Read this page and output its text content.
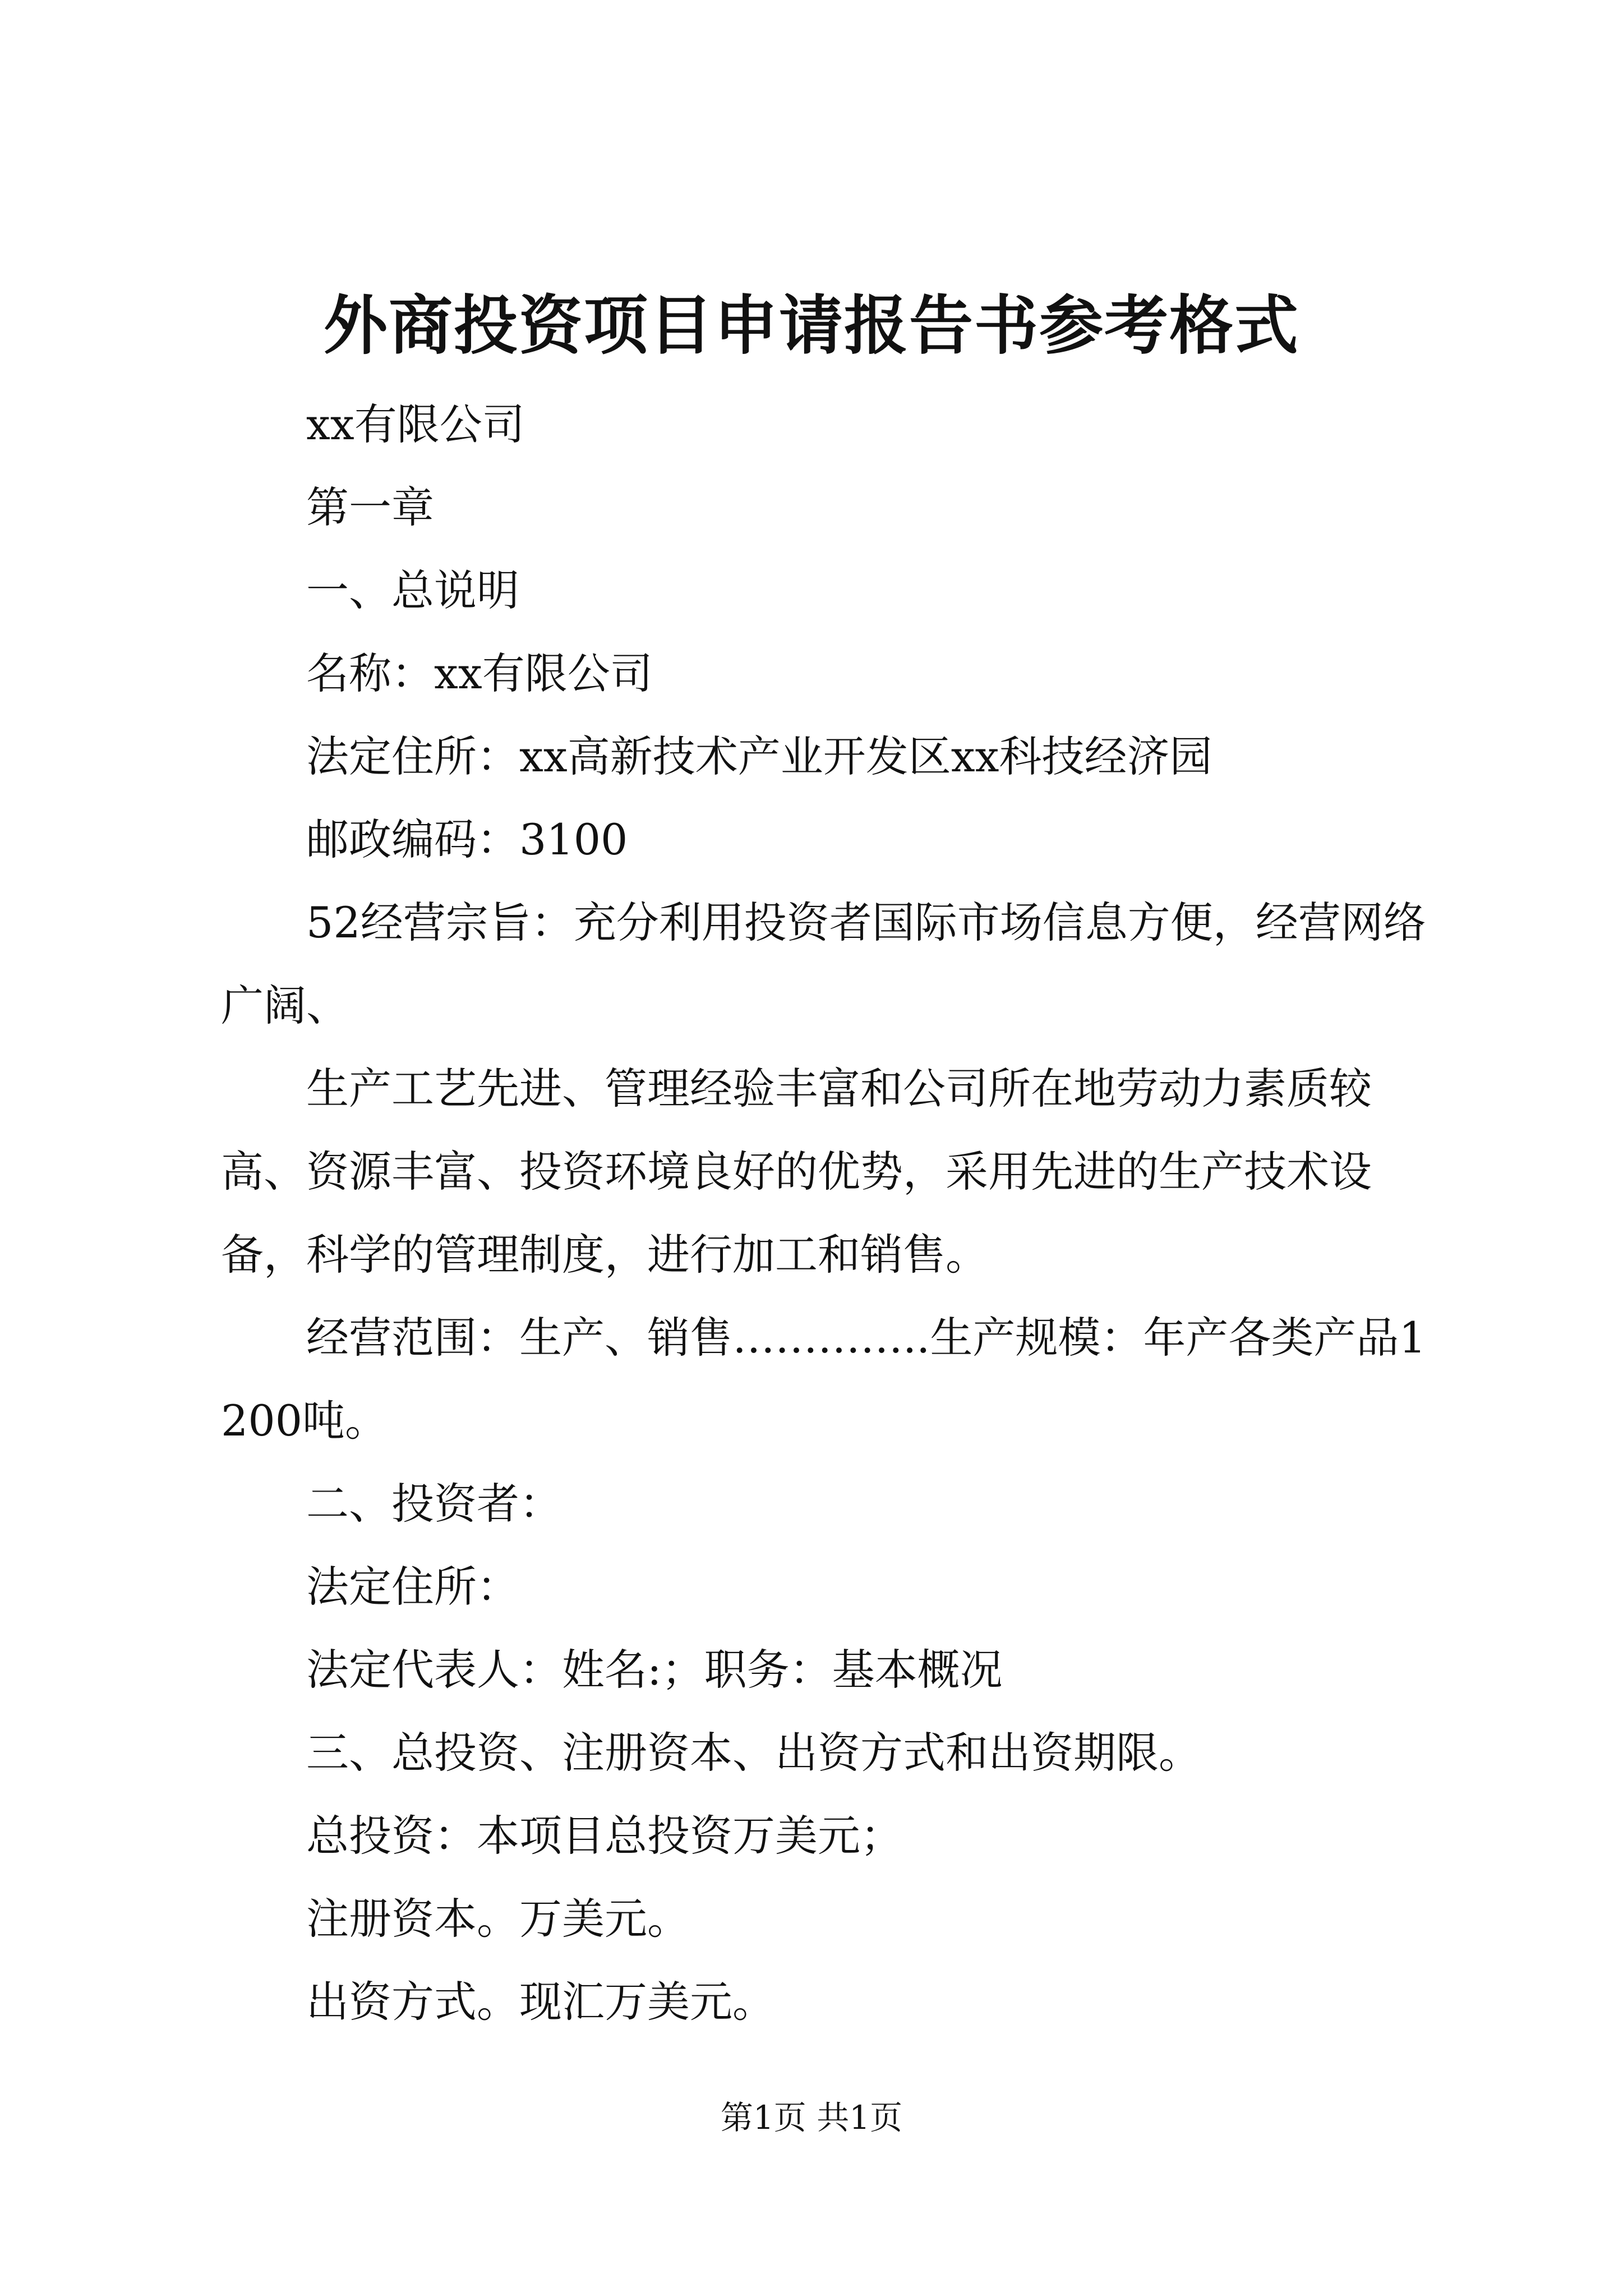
外商投资项目申请报告书参考格式

xx有限公司

第一章

一、总说明

名称：xx有限公司

法定住所：xx高新技术产业开发区xx科技经济园

邮政编码：3100

52经营宗旨：充分利用投资者国际市场信息方便，经营网络广阔、

生产工艺先进、管理经验丰富和公司所在地劳动力素质较高、资源丰富、投资环境良好的优势，采用先进的生产技术设备，科学的管理制度，进行加工和销售。

经营范围：生产、销售…………..生产规模：年产各类产品1200吨。

二、投资者：

法定住所：

法定代表人：姓名:；职务：基本概况

三、总投资、注册资本、出资方式和出资期限。

总投资：本项目总投资万美元；

注册资本。万美元。

出资方式。现汇万美元。

第1页 共1页
